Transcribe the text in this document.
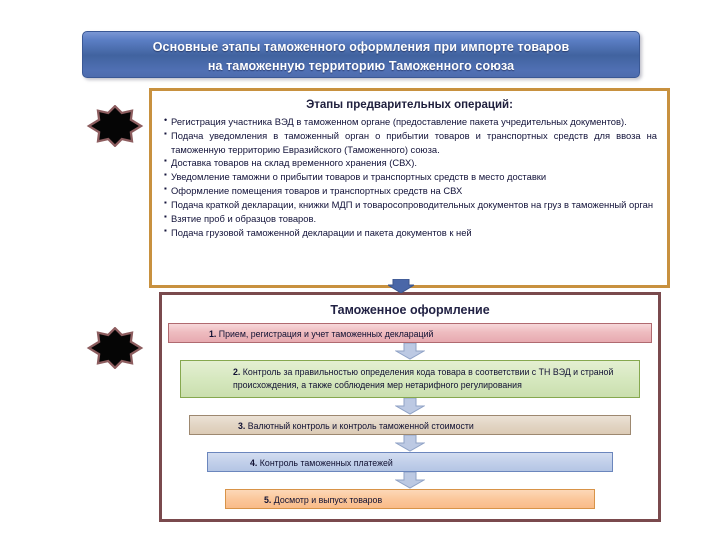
Основные этапы таможенного оформления при импорте товаров
на таможенную территорию Таможенного союза
Этапы предварительных операций:
• Регистрация участника ВЭД в таможенном органе (предоставление пакета учредительных документов).
▪ Подача уведомления в таможенный орган о прибытии товаров и транспортных средств для ввоза на таможенную территорию Евразийского (Таможенного) союза.
▪ Доставка товаров на склад временного хранения (СВХ).
▪ Уведомление таможни о прибытии товаров и транспортных средств в место доставки
▪ Оформление помещения товаров и транспортных средств на СВХ
▪ Подача краткой декларации, книжки МДП и товаросопроводительных документов на груз в таможенный орган
▪ Взятие проб и образцов товаров.
▪ Подача грузовой таможенной декларации и пакета документов к ней
Таможенное оформление
1. Прием, регистрация и учет таможенных деклараций
2. Контроль за правильностью определения кода товара в соответствии с ТН ВЭД и страной происхождения, а также соблюдения мер нетарифного регулирования
3. Валютный контроль и контроль таможенной стоимости
4. Контроль таможенных платежей
5. Досмотр и выпуск товаров
